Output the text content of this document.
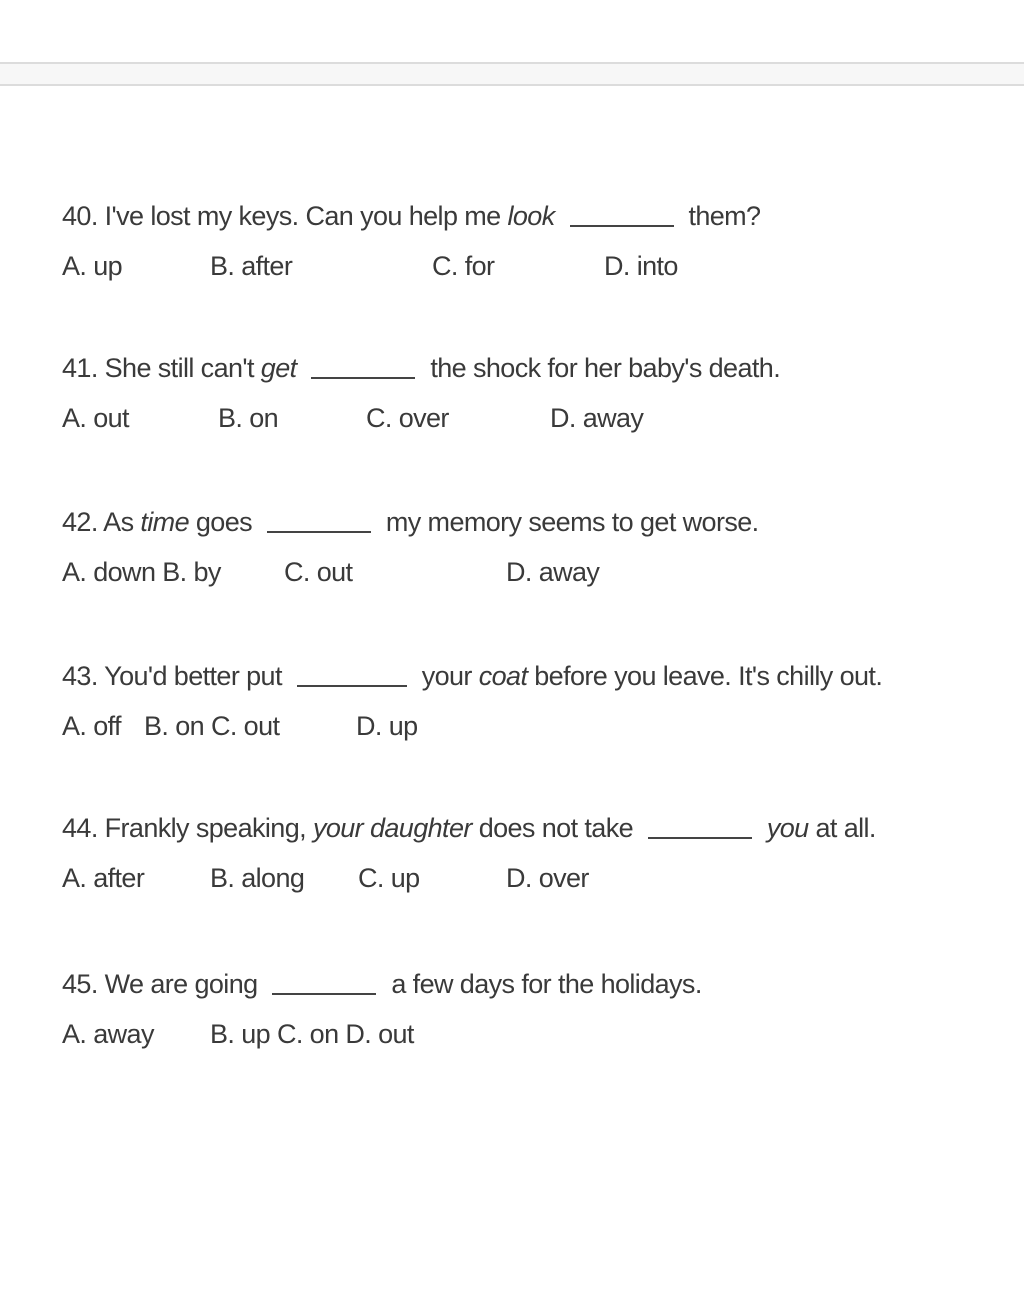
40. I've lost my keys. Can you help me look	them?
A. up	B. after	C. for	D. into
41. She still can't get	the shock for her baby's death.
A. out	B. on	C. over	D. away
42. As time goes	my memory seems to get worse.
A. down B. by C. out	D. away
43. You'd better put	your coat before you leave. It's chilly out.
A. off B. on C. out	D. up
44. Frankly speaking, your daughter does not take	you at all.
A. after B. along C. up	D. over
45. We are going	a few days for the holidays.
A. away B. up C. on D. out
